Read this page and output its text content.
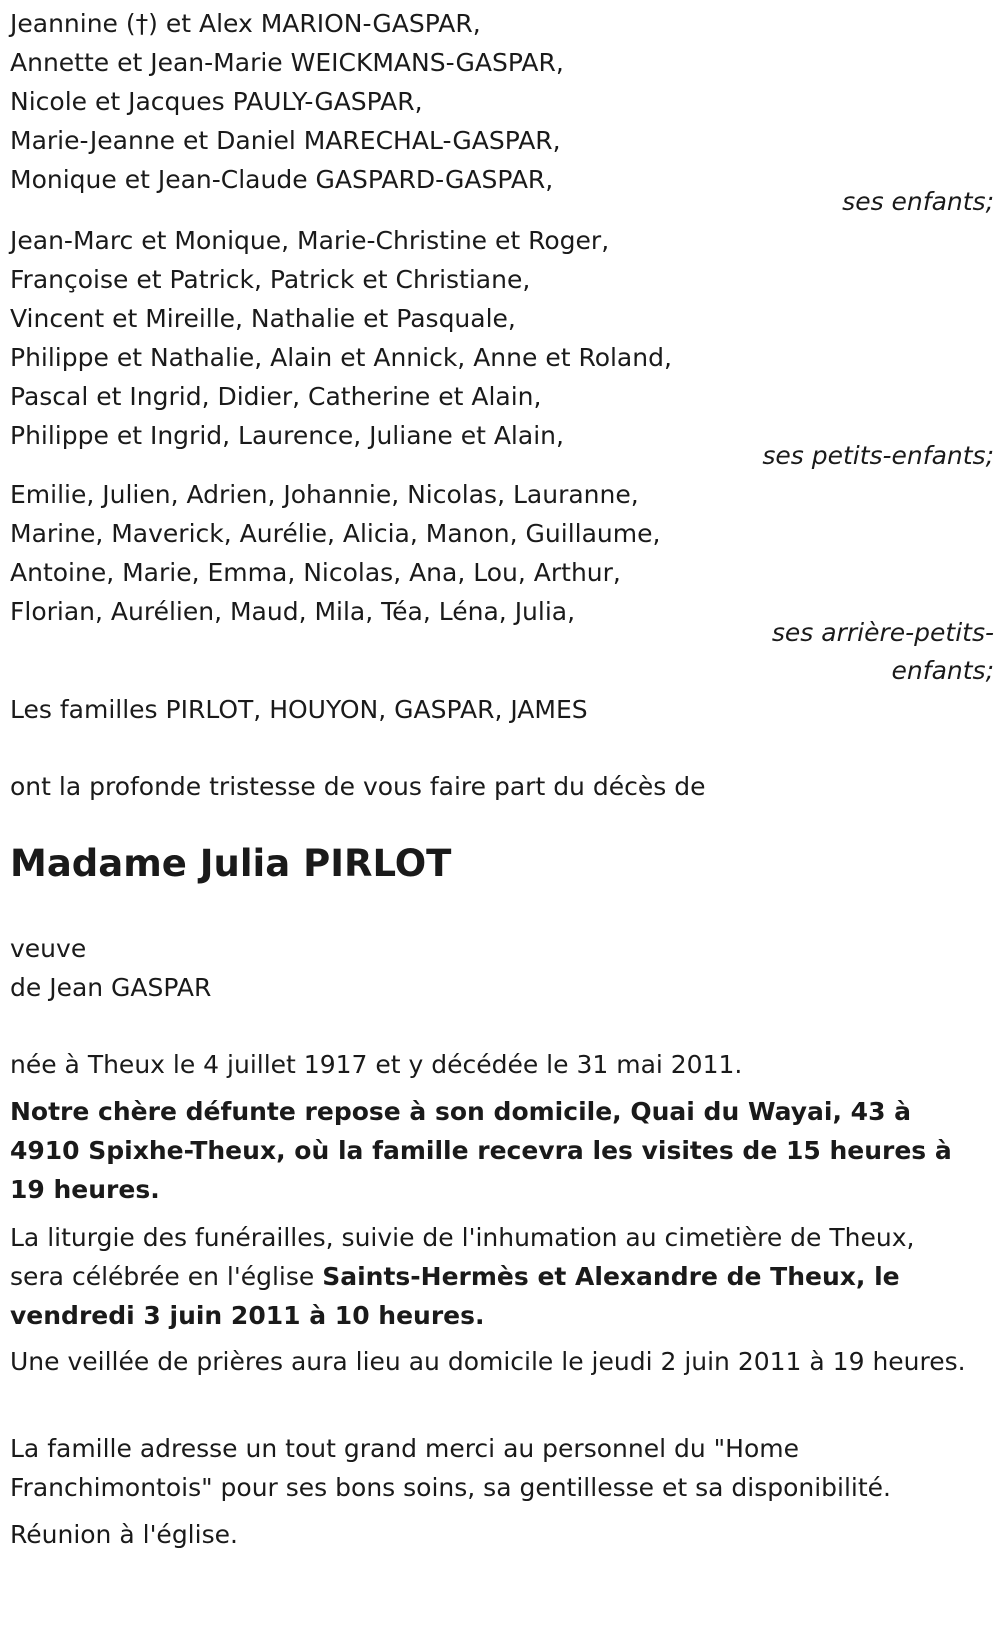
Jeannine (†) et Alex MARION-GASPAR,
Annette et Jean-Marie WEICKMANS-GASPAR,
Nicole et Jacques PAULY-GASPAR,
Marie-Jeanne et Daniel MARECHAL-GASPAR,
Monique et Jean-Claude GASPARD-GASPAR,
ses enfants;
Jean-Marc et Monique, Marie-Christine et Roger,
Françoise et Patrick, Patrick et Christiane,
Vincent et Mireille, Nathalie et Pasquale,
Philippe et Nathalie, Alain et Annick, Anne et Roland,
Pascal et Ingrid, Didier, Catherine et Alain,
Philippe et Ingrid, Laurence, Juliane et Alain,
ses petits-enfants;
Emilie, Julien, Adrien, Johannie, Nicolas, Lauranne,
Marine, Maverick, Aurélie, Alicia, Manon, Guillaume,
Antoine, Marie, Emma, Nicolas, Ana, Lou, Arthur,
Florian, Aurélien, Maud, Mila, Téa, Léna, Julia,
ses arrière-petits-
enfants;
Les familles PIRLOT, HOUYON, GASPAR, JAMES
ont la profonde tristesse de vous faire part du décès de
Madame Julia PIRLOT
veuve
de Jean GASPAR
née à Theux le 4 juillet 1917 et y décédée le 31 mai 2011.
Notre chère défunte repose à son domicile, Quai du Wayai, 43 à 4910 Spixhe-Theux, où la famille recevra les visites de 15 heures à 19 heures.
La liturgie des funérailles, suivie de l'inhumation au cimetière de Theux, sera célébrée en l'église Saints-Hermès et Alexandre de Theux, le vendredi 3 juin 2011 à 10 heures.
Une veillée de prières aura lieu au domicile le jeudi 2 juin 2011 à 19 heures.
La famille adresse un tout grand merci au personnel du "Home Franchimontois" pour ses bons soins, sa gentillesse et sa disponibilité.
Réunion à l'église.
